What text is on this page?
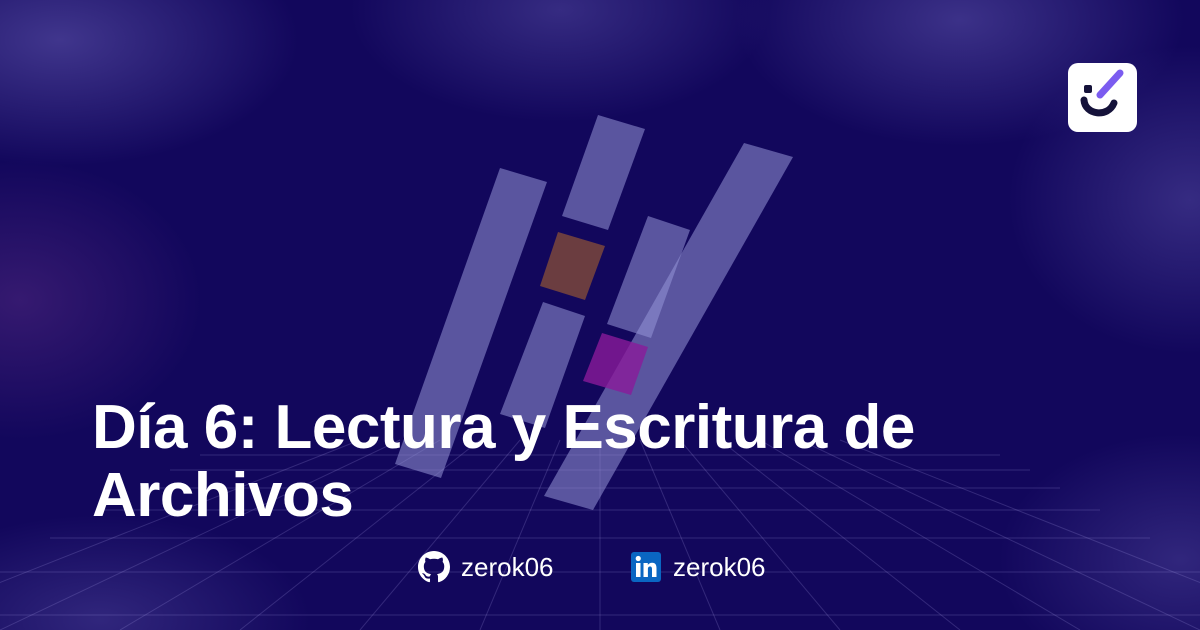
Día 6: Lectura y Escritura de Archivos
zerok06	zerok06
